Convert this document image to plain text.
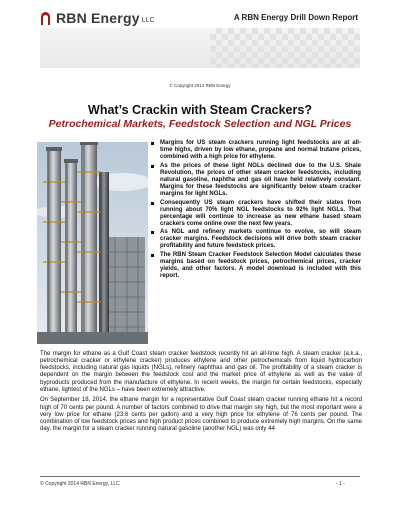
RBN Energy LLC	A RBN Energy Drill Down Report
© Copyright 2014 RBN Energy
What’s Crackin with Steam Crackers?
Petrochemical Markets, Feedstock Selection and NGL Prices
Margins for US steam crackers running light feedstocks are at all-time highs, driven by low ethane, propane and normal butane prices, combined with a high price for ethylene.
As the prices of these light NGLs declined due to the U.S. Shale Revolution, the prices of other steam cracker feedstocks, including natural gasoline, naphtha and gas oil have held relatively constant. Margins for these feedstocks are significantly below steam cracker margins for light NGLs.
Consequently US steam crackers have shifted their slates from running about 70% light NGL feedstocks to 92% light NGLs. That percentage will continue to increase as new ethane based steam crackers come online over the next few years.
As NGL and refinery markets continue to evolve, so will steam cracker margins. Feedstock decisions will drive both steam cracker profitability and future feedstock prices.
The RBN Steam Cracker Feedstock Selection Model calculates these margins based on feedstock prices, petrochemical prices, cracker yields, and other factors. A model download is included with this report.

The margin for ethane as a Gulf Coast steam cracker feedstock recently hit an all-time high. A steam cracker (a.k.a., petrochemical cracker or ethylene cracker) produces ethylene and other petrochemicals from liquid hydrocarbon feedstocks, including natural gas liquids (NGLs), refinery naphthas and gas oil. The profitability of a steam cracker is dependent on the margin between the feedstock cost and the market price of ethylene as well as the value of byproducts produced from the manufacture of ethylene. In recent weeks, the margin for certain feedstocks, especially ethane, lightest of the NGLs – have been extremely attractive.

On September 18, 2014, the ethane margin for a representative Gulf Coast steam cracker running ethane hit a record high of 70 cents per pound. A number of factors combined to drive that margin sky high, but the most important were a very low price for ethane (23.6 cents per gallon) and a very high price for ethylene of 76 cents per pound. The combination of low feedstock prices and high product prices combined to produce extremely high margins. On the same day, the margin for a steam cracker running natural gasoline (another NGL) was only 44

© Copyright 2014 RBN Energy, LLC	- 1 -
